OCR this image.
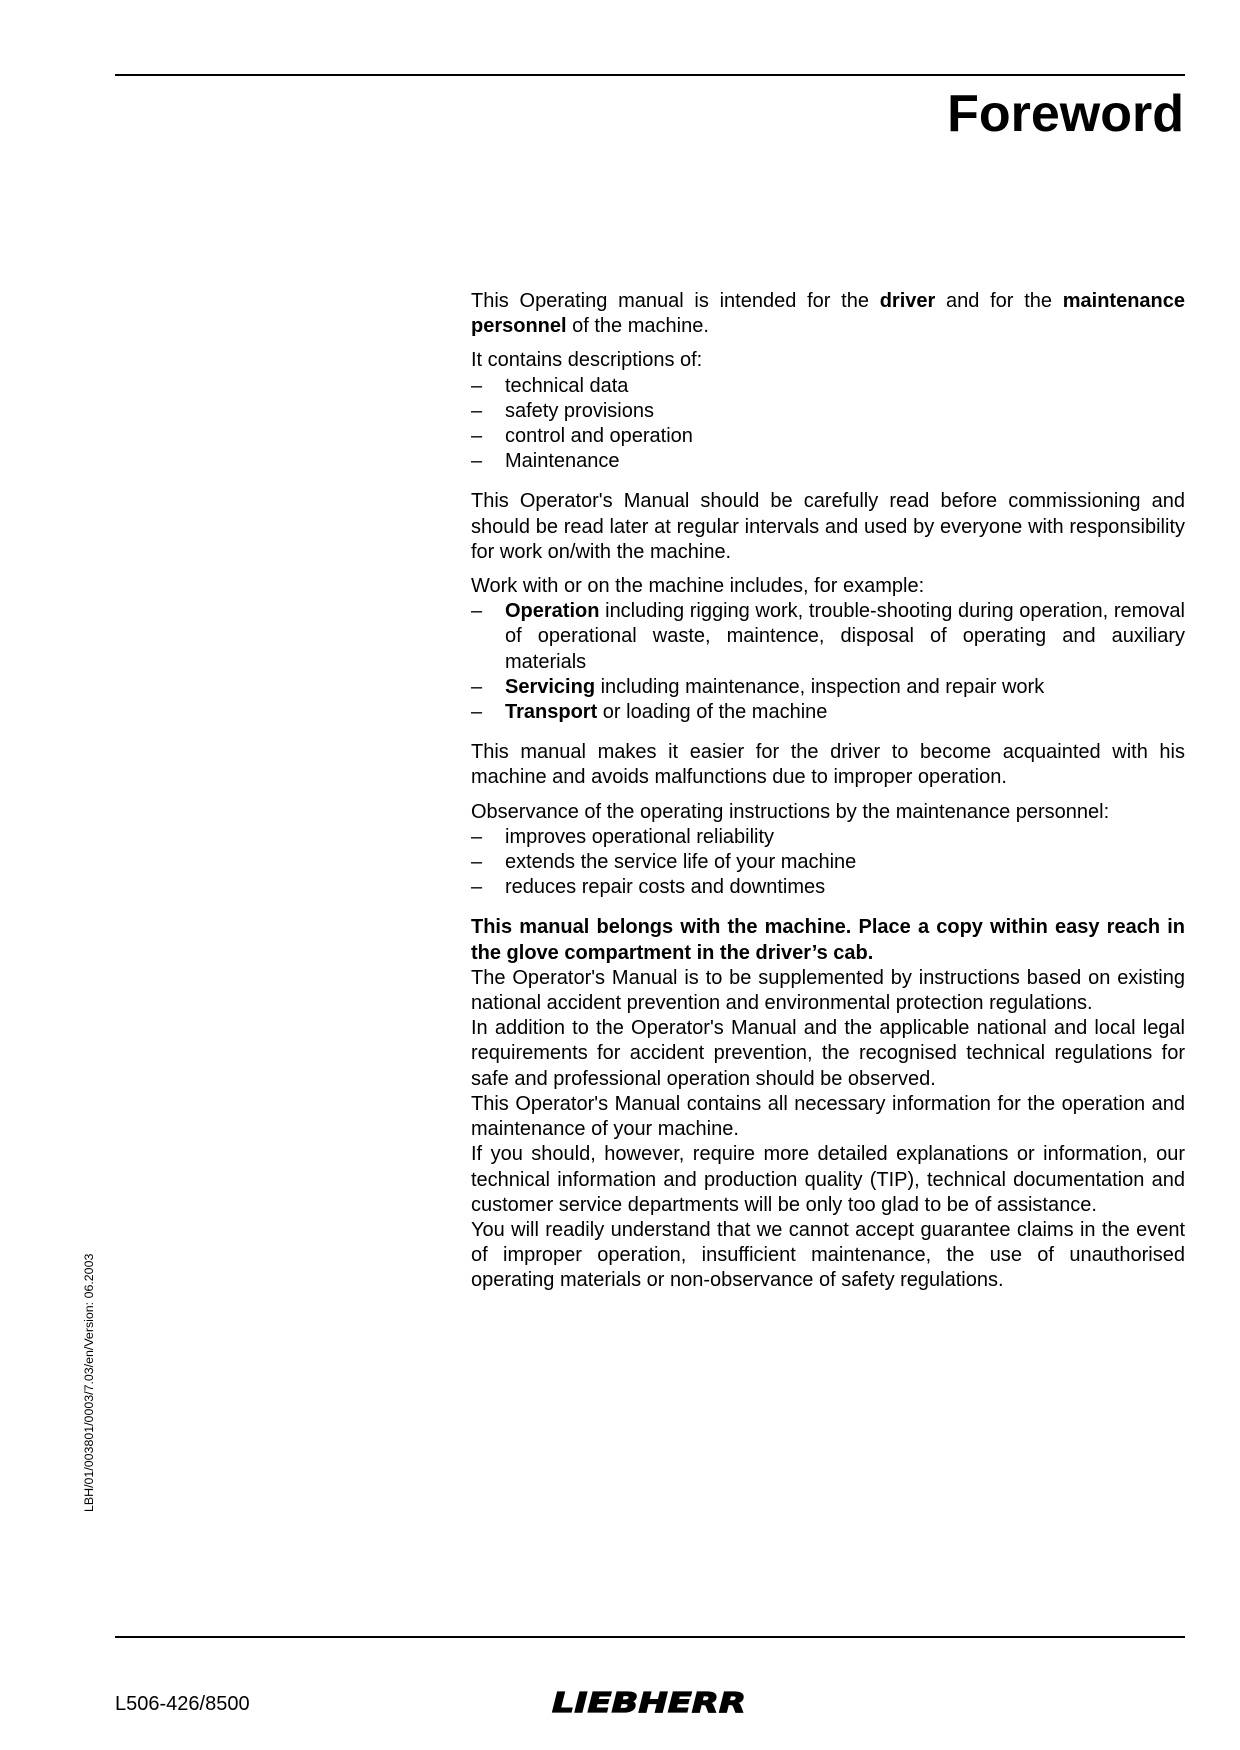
Foreword
LBH/01/003801/0003/7.03/en/Version: 06.2003

This Operating manual is intended for the driver and for the maintenance personnel of the machine.

It contains descriptions of:

– technical data
– safety provisions
– control and operation
– Maintenance

This Operator's Manual should be carefully read before commissioning and should be read later at regular intervals and used by everyone with responsibility for work on/with the machine.

Work with or on the machine includes, for example:

– Operation including rigging work, trouble-shooting during operation, removal of operational waste, maintence, disposal of operating and auxiliary materials
– Servicing including maintenance, inspection and repair work
– Transport or loading of the machine

This manual makes it easier for the driver to become acquainted with his machine and avoids malfunctions due to improper operation.

Observance of the operating instructions by the maintenance personnel:

– improves operational reliability
– extends the service life of your machine
– reduces repair costs and downtimes

This manual belongs with the machine. Place a copy within easy reach in the glove compartment in the driver’s cab.

The Operator's Manual is to be supplemented by instructions based on existing national accident prevention and environmental protection regulations.

In addition to the Operator's Manual and the applicable national and local legal requirements for accident prevention, the recognised technical regulations for safe and professional operation should be observed.

This Operator's Manual contains all necessary information for the operation and maintenance of your machine.

If you should, however, require more detailed explanations or information, our technical information and production quality (TIP), technical documentation and customer service departments will be only too glad to be of assistance.

You will readily understand that we cannot accept guarantee claims in the event of improper operation, insufficient maintenance, the use of unauthorised operating materials or non-observance of safety regulations.

L506-426/8500	LIEBHERR
